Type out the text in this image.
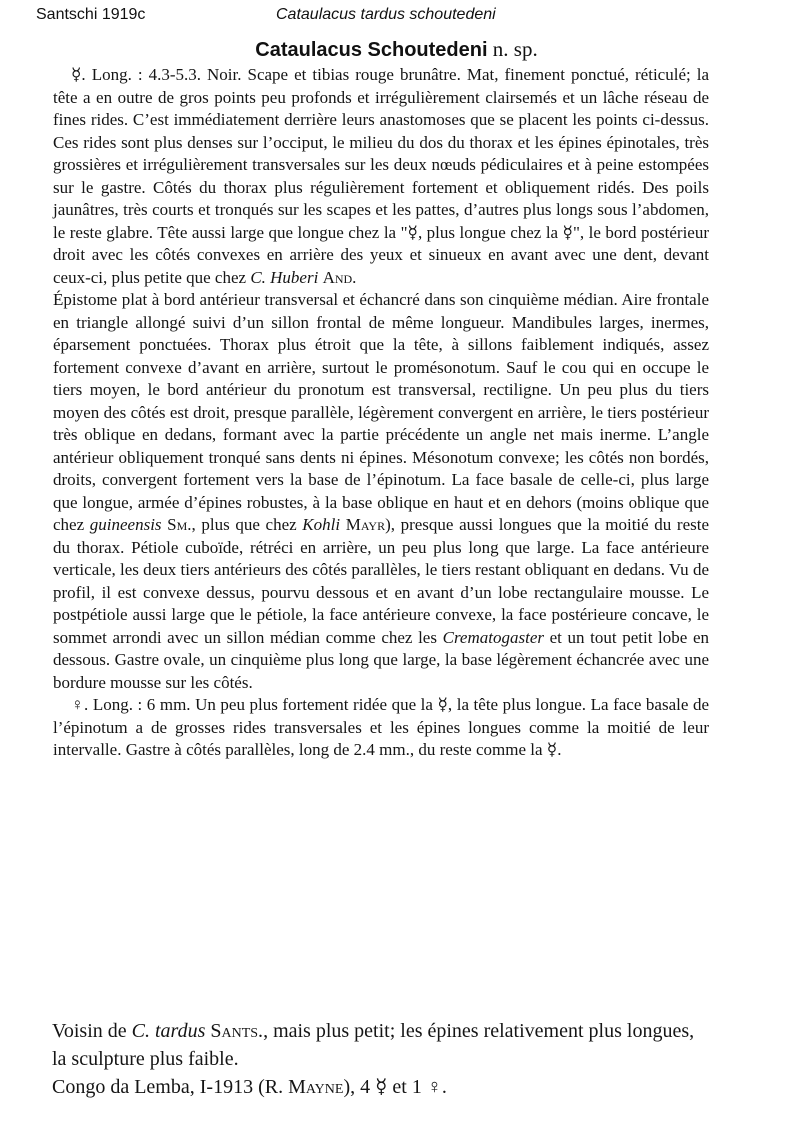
Santschi 1919c	Cataulacus tardus schoutedeni
Cataulacus Schoutedeni n. sp.

☿. Long. : 4.3-5.3. Noir. Scape et tibias rouge brunâtre. Mat, finement ponctué, réticulé; la tête a en outre de gros points peu profonds et irrégulièrement clairsemés et un lâche réseau de fines rides. C’est immédiatement derrière leurs anastomoses que se placent les points ci-dessus. Ces rides sont plus denses sur l’occiput, le milieu du dos du thorax et les épines épinotales, très grossières et irrégulièrement transversales sur les deux nœuds pédiculaires et à peine estompées sur le gastre. Côtés du thorax plus régulièrement fortement et obliquement ridés. Des poils jaunâtres, très courts et tronqués sur les scapes et les pattes, d’autres plus longs sous l’abdomen, le reste glabre. Tête aussi large que longue chez la "☿, plus longue chez la ☿", le bord postérieur droit avec les côtés convexes en arrière des yeux et sinueux en avant avec une dent, devant ceux-ci, plus petite que chez C. Huberi And.

Épistome plat à bord antérieur transversal et échancré dans son cinquième médian. Aire frontale en triangle allongé suivi d’un sillon frontal de même longueur. Mandibules larges, inermes, éparsement ponctuées. Thorax plus étroit que la tête, à sillons faiblement indiqués, assez fortement convexe d’avant en arrière, surtout le promésonotum. Sauf le cou qui en occupe le tiers moyen, le bord antérieur du pronotum est transversal, rectiligne. Un peu plus du tiers moyen des côtés est droit, presque parallèle, légèrement convergent en arrière, le tiers postérieur très oblique en dedans, formant avec la partie précédente un angle net mais inerme. L’angle antérieur obliquement tronqué sans dents ni épines. Mésonotum convexe; les côtés non bordés, droits, convergent fortement vers la base de l’épinotum. La face basale de celle-ci, plus large que longue, armée d’épines robustes, à la base oblique en haut et en dehors (moins oblique que chez guineensis Sm., plus que chez Kohli Mayr), presque aussi longues que la moitié du reste du thorax. Pétiole cuboïde, rétréci en arrière, un peu plus long que large. La face antérieure verticale, les deux tiers antérieurs des côtés parallèles, le tiers restant obliquant en dedans. Vu de profil, il est convexe dessus, pourvu dessous et en avant d’un lobe rectangulaire mousse. Le postpétiole aussi large que le pétiole, la face antérieure convexe, la face postérieure concave, le sommet arrondi avec un sillon médian comme chez les Crematogaster et un tout petit lobe en dessous. Gastre ovale, un cinquième plus long que large, la base légèrement échancrée avec une bordure mousse sur les côtés.

♀. Long. : 6 mm. Un peu plus fortement ridée que la ☿, la tête plus longue. La face basale de l’épinotum a de grosses rides transversales et les épines longues comme la moitié de leur intervalle. Gastre à côtés parallèles, long de 2.4 mm., du reste comme la ☿.

Voisin de C. tardus Sants., mais plus petit; les épines relativement plus longues, la sculpture plus faible.

Congo da Lemba, I-1913 (R. Mayne), 4 ☿ et 1 ♀.
